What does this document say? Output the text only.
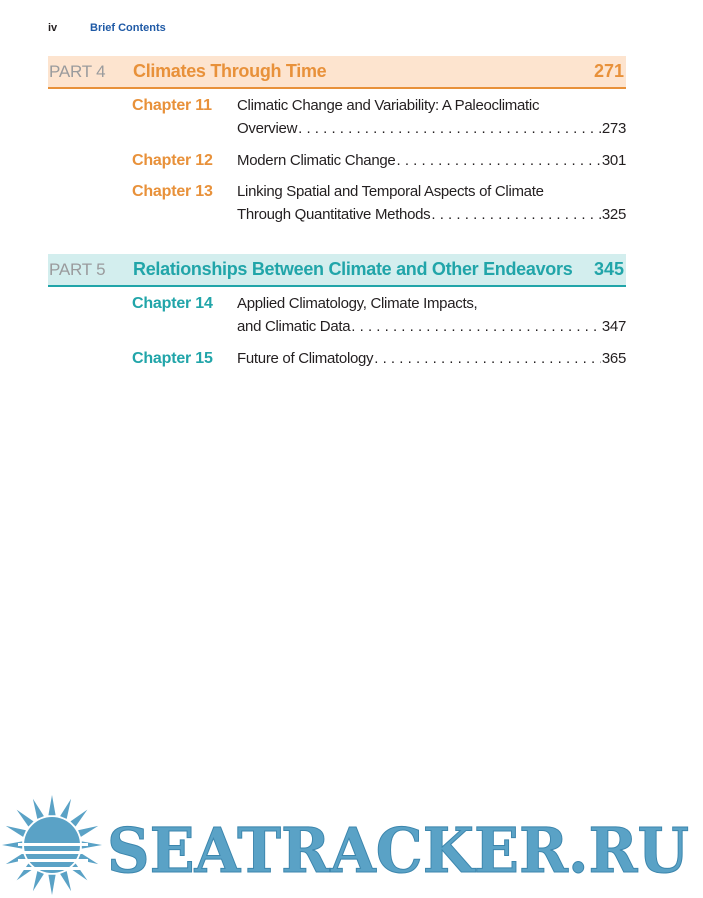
iv	Brief Contents
PART 4	Climates Through Time	271
Chapter 11 Climatic Change and Variability: A Paleoclimatic
Overview . . .	273
Chapter 12 Modern Climatic Change . . .	301
Chapter 13 Linking Spatial and Temporal Aspects of Climate
Through Quantitative Methods . . .	325
PART 5	Relationships Between Climate and Other Endeavors	345
Chapter 14 Applied Climatology, Climate Impacts,
and Climatic Data . . .	347
Chapter 15 Future of Climatology . . .	365
SEATRACKER.RU
